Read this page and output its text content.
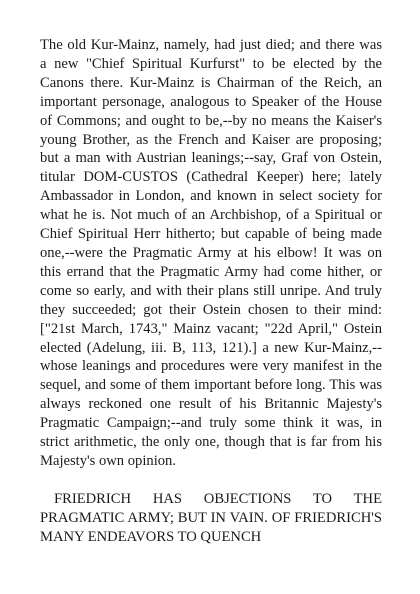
The old Kur-Mainz, namely, had just died; and there was a new "Chief Spiritual Kurfurst" to be elected by the Canons there. Kur-Mainz is Chairman of the Reich, an important personage, analogous to Speaker of the House of Commons; and ought to be,--by no means the Kaiser's young Brother, as the French and Kaiser are proposing; but a man with Austrian leanings;--say, Graf von Ostein, titular DOM-CUSTOS (Cathedral Keeper) here; lately Ambassador in London, and known in select society for what he is. Not much of an Archbishop, of a Spiritual or Chief Spiritual Herr hitherto; but capable of being made one,--were the Pragmatic Army at his elbow! It was on this errand that the Pragmatic Army had come hither, or come so early, and with their plans still unripe. And truly they succeeded; got their Ostein chosen to their mind: ["21st March, 1743," Mainz vacant; "22d April," Ostein elected (Adelung, iii. B, 113, 121).] a new Kur-Mainz,--whose leanings and procedures were very manifest in the sequel, and some of them important before long. This was always reckoned one result of his Britannic Majesty's Pragmatic Campaign;--and truly some think it was, in strict arithmetic, the only one, though that is far from his Majesty's own opinion.

FRIEDRICH HAS OBJECTIONS TO THE PRAGMATIC ARMY; BUT IN VAIN. OF FRIEDRICH'S MANY ENDEAVORS TO QUENCH
